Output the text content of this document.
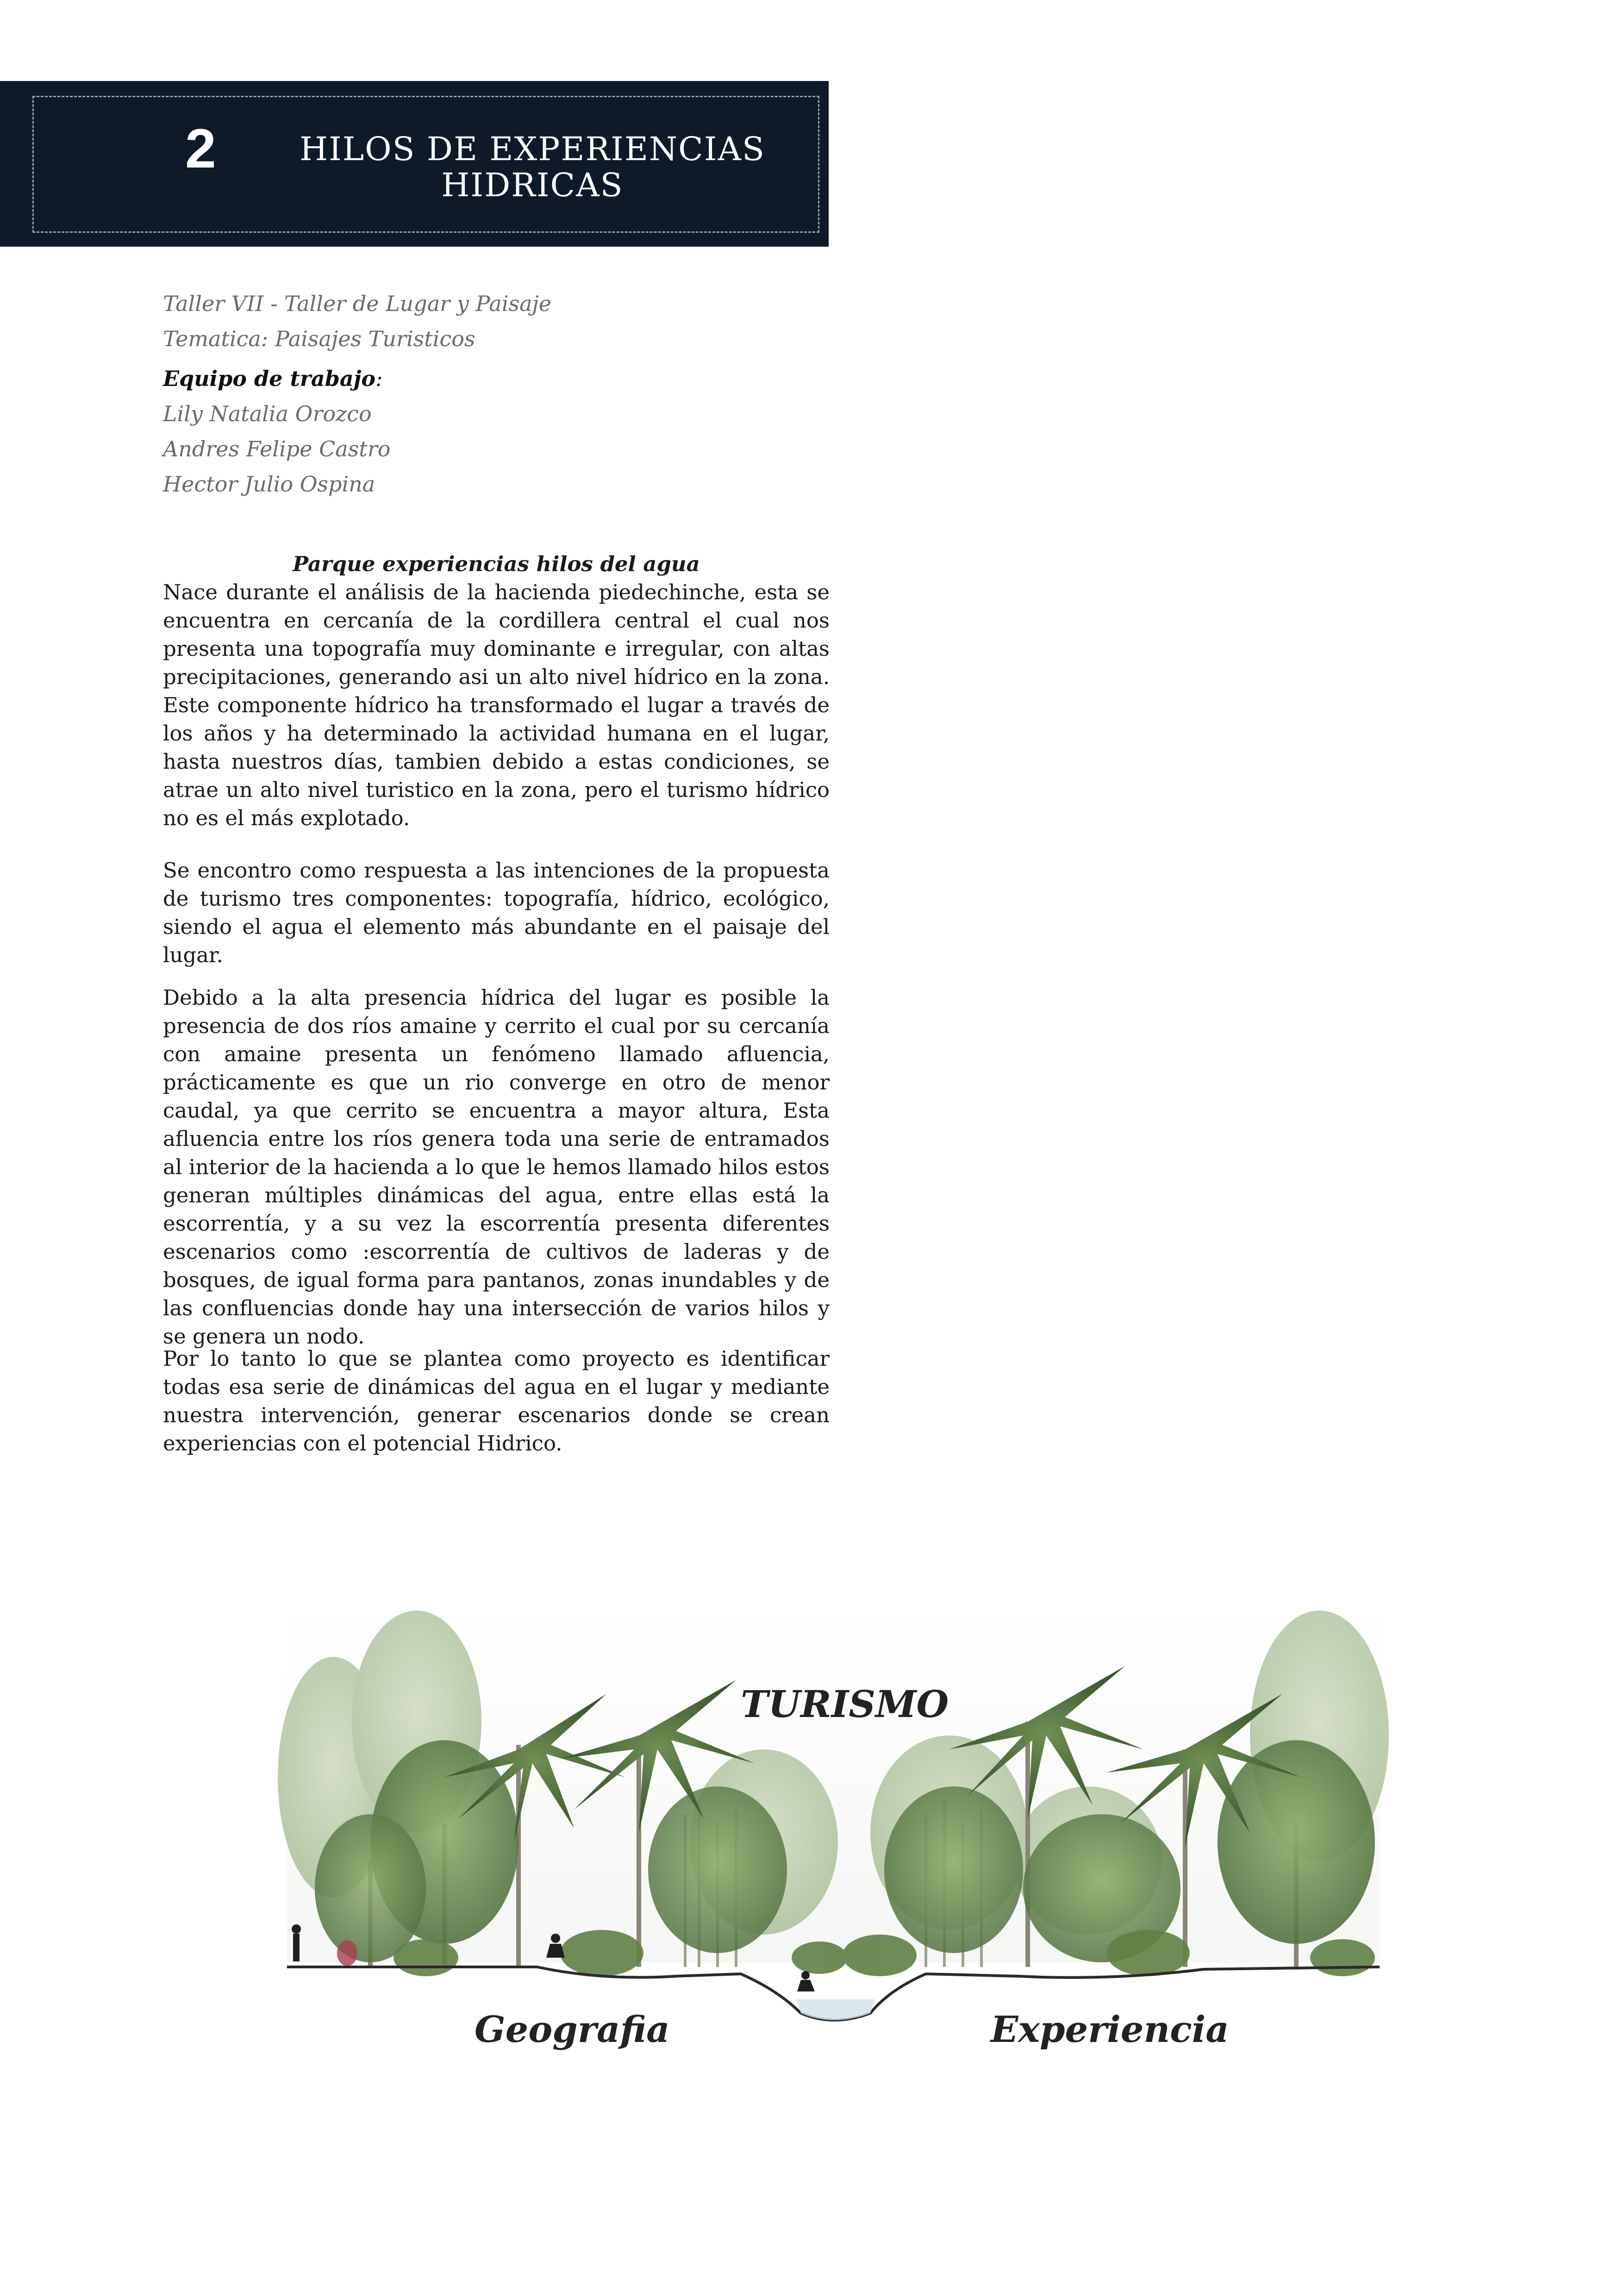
2	HILOS DE EXPERIENCIAS
HIDRICAS
Taller VII - Taller de Lugar y Paisaje
Tematica: Paisajes Turisticos
Equipo de trabajo:
Lily Natalia Orozco
Andres Felipe Castro
Hector Julio Ospina
Parque experiencias hilos del agua
Nace durante el análisis de la hacienda piedechinche, esta se encuentra en cercanía de la cordillera central el cual nos presenta una topografía muy dominante e irregular, con altas precipitaciones, generando asi un alto nivel hídrico en la zona. Este componente hídrico ha transformado el lugar a través de los años y ha determinado la actividad humana en el lugar, hasta nuestros días, tambien debido a estas condiciones, se atrae un alto nivel turistico en la zona, pero el turismo hídrico no es el más explotado.
Se encontro como respuesta a las intenciones de la propuesta de turismo tres componentes: topografía, hídrico, ecológico, siendo el agua el elemento más abundante en el paisaje del lugar.
Debido a la alta presencia hídrica del lugar es posible la presencia de dos ríos amaine y cerrito el cual por su cercanía con amaine presenta un fenómeno llamado afluencia, prácticamente es que un rio converge en otro de menor caudal, ya que cerrito se encuentra a mayor altura, Esta afluencia entre los ríos genera toda una serie de entramados al interior de la hacienda a lo que le hemos llamado hilos estos generan múltiples dinámicas del agua, entre ellas está la escorrentía, y a su vez la escorrentía presenta diferentes escenarios como :escorrentía de cultivos de laderas y de bosques, de igual forma para pantanos, zonas inundables y de las confluencias donde hay una intersección de varios hilos y se genera un nodo.
Por lo tanto lo que se plantea como proyecto es identificar todas esa serie de dinámicas del agua en el lugar y mediante nuestra intervención, generar escenarios donde se crean experiencias con el potencial Hidrico.
TURISMO
Geografia	Experiencia
